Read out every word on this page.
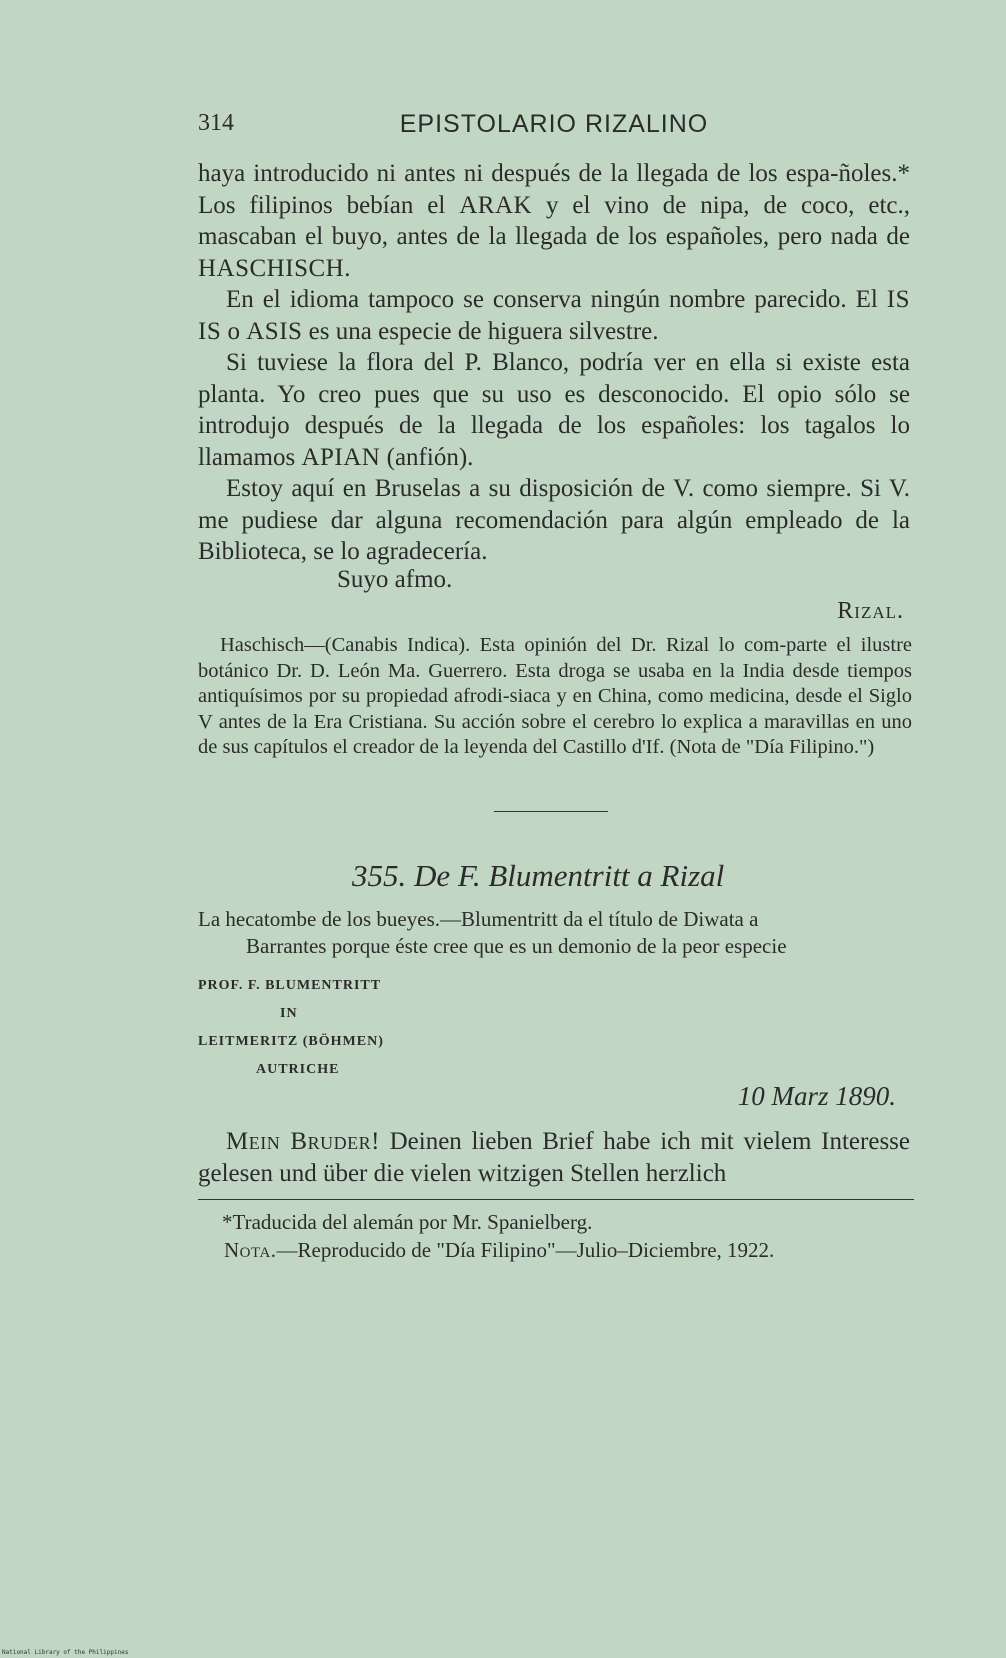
314	EPISTOLARIO RIZALINO

haya introducido ni antes ni después de la llegada de los espa-ñoles.* Los filipinos bebían el ARAK y el vino de nipa, de coco, etc., mascaban el buyo, antes de la llegada de los españoles, pero nada de HASCHISCH.

En el idioma tampoco se conserva ningún nombre parecido. El IS IS o ASIS es una especie de higuera silvestre.

Si tuviese la flora del P. Blanco, podría ver en ella si existe esta planta. Yo creo pues que su uso es desconocido. El opio sólo se introdujo después de la llegada de los españoles: los tagalos lo llamamos APIAN (anfión).

Estoy aquí en Bruselas a su disposición de V. como siempre. Si V. me pudiese dar alguna recomendación para algún empleado de la Biblioteca, se lo agradecería.

Suyo afmo.
Rizal.
Haschisch—(Canabis Indica). Esta opinión del Dr. Rizal lo com-parte el ilustre botánico Dr. D. León Ma. Guerrero. Esta droga se usaba en la India desde tiempos antiquísimos por su propiedad afrodi-siaca y en China, como medicina, desde el Siglo V antes de la Era Cristiana. Su acción sobre el cerebro lo explica a maravillas en uno de sus capítulos el creador de la leyenda del Castillo d'If. (Nota de "Día Filipino.")
355. De F. Blumentritt a Rizal
La hecatombe de los bueyes.—Blumentritt da el título de Diwata a
Barrantes porque éste cree que es un demonio de la peor especie
PROF. F. BLUMENTRITT
IN
LEITMERITZ (BÖHMEN)
AUTRICHE
10 Marz 1890.

Mein Bruder! Deinen lieben Brief habe ich mit vielem Interesse gelesen und über die vielen witzigen Stellen herzlich

*Traducida del alemán por Mr. Spanielberg.
Nota.—Reproducido de "Día Filipino"—Julio–Diciembre, 1922.
National Library of the Philippines
